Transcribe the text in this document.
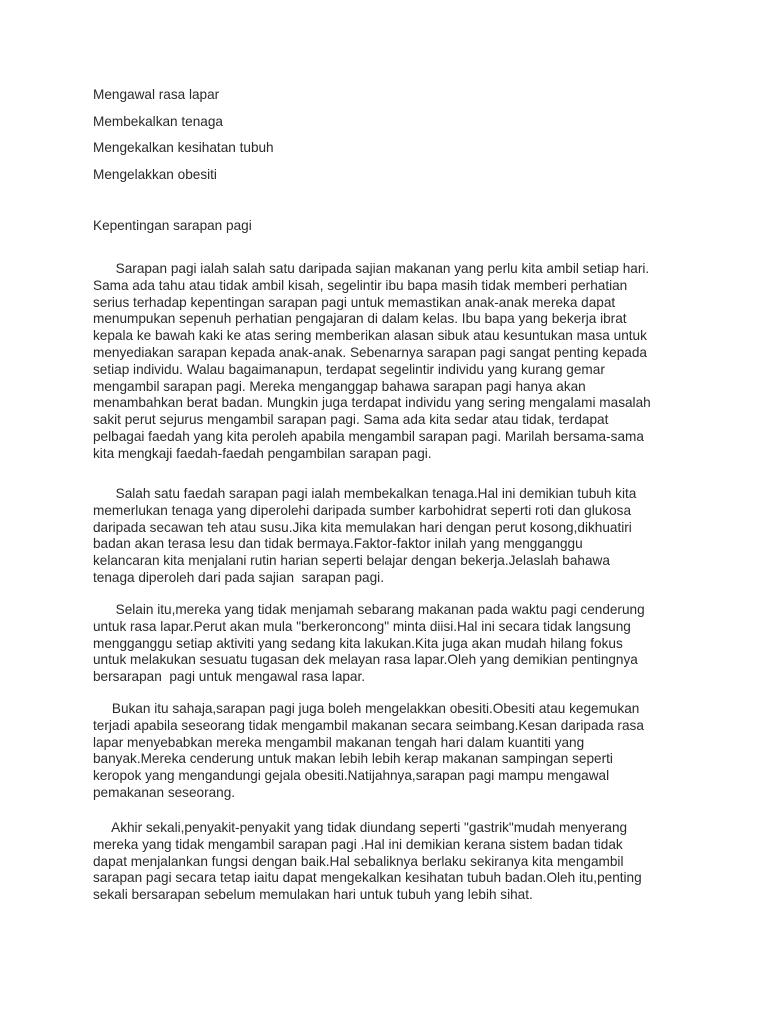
Mengawal rasa lapar
Membekalkan tenaga
Mengekalkan kesihatan tubuh
Mengelakkan obesiti

Kepentingan sarapan pagi

Sarapan pagi ialah salah satu daripada sajian makanan yang perlu kita ambil setiap hari.
Sama ada tahu atau tidak ambil kisah, segelintir ibu bapa masih tidak memberi perhatian
serius terhadap kepentingan sarapan pagi untuk memastikan anak-anak mereka dapat
menumpukan sepenuh perhatian pengajaran di dalam kelas. Ibu bapa yang bekerja ibrat
kepala ke bawah kaki ke atas sering memberikan alasan sibuk atau kesuntukan masa untuk
menyediakan sarapan kepada anak-anak. Sebenarnya sarapan pagi sangat penting kepada
setiap individu. Walau bagaimanapun, terdapat segelintir individu yang kurang gemar
mengambil sarapan pagi. Mereka menganggap bahawa sarapan pagi hanya akan
menambahkan berat badan. Mungkin juga terdapat individu yang sering mengalami masalah
sakit perut sejurus mengambil sarapan pagi. Sama ada kita sedar atau tidak, terdapat
pelbagai faedah yang kita peroleh apabila mengambil sarapan pagi. Marilah bersama-sama
kita mengkaji faedah-faedah pengambilan sarapan pagi.

Salah satu faedah sarapan pagi ialah membekalkan tenaga.Hal ini demikian tubuh kita
memerlukan tenaga yang diperolehi daripada sumber karbohidrat seperti roti dan glukosa
daripada secawan teh atau susu.Jika kita memulakan hari dengan perut kosong,dikhuatiri
badan akan terasa lesu dan tidak bermaya.Faktor-faktor inilah yang mengganggu
kelancaran kita menjalani rutin harian seperti belajar dengan bekerja.Jelaslah bahawa
tenaga diperoleh dari pada sajian  sarapan pagi.

Selain itu,mereka yang tidak menjamah sebarang makanan pada waktu pagi cenderung
untuk rasa lapar.Perut akan mula "berkeroncong" minta diisi.Hal ini secara tidak langsung
mengganggu setiap aktiviti yang sedang kita lakukan.Kita juga akan mudah hilang fokus
untuk melakukan sesuatu tugasan dek melayan rasa lapar.Oleh yang demikian pentingnya
bersarapan  pagi untuk mengawal rasa lapar.

Bukan itu sahaja,sarapan pagi juga boleh mengelakkan obesiti.Obesiti atau kegemukan
terjadi apabila seseorang tidak mengambil makanan secara seimbang.Kesan daripada rasa
lapar menyebabkan mereka mengambil makanan tengah hari dalam kuantiti yang
banyak.Mereka cenderung untuk makan lebih lebih kerap makanan sampingan seperti
keropok yang mengandungi gejala obesiti.Natijahnya,sarapan pagi mampu mengawal
pemakanan seseorang.

Akhir sekali,penyakit-penyakit yang tidak diundang seperti "gastrik"mudah menyerang
mereka yang tidak mengambil sarapan pagi .Hal ini demikian kerana sistem badan tidak
dapat menjalankan fungsi dengan baik.Hal sebaliknya berlaku sekiranya kita mengambil
sarapan pagi secara tetap iaitu dapat mengekalkan kesihatan tubuh badan.Oleh itu,penting
sekali bersarapan sebelum memulakan hari untuk tubuh yang lebih sihat.
